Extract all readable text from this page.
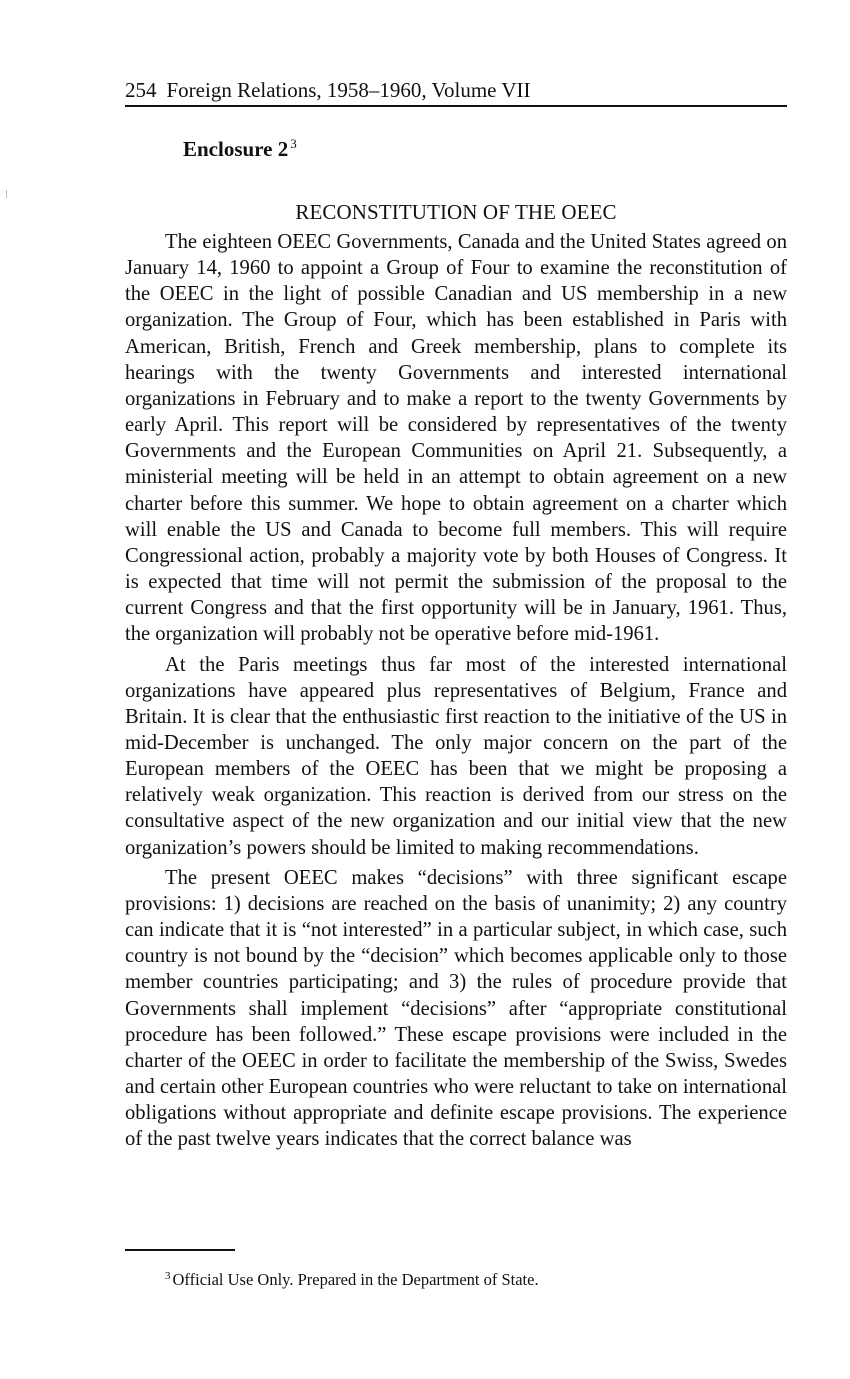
254 Foreign Relations, 1958–1960, Volume VII
Enclosure 2 $^3$
RECONSTITUTION OF THE OEEC

The eighteen OEEC Governments, Canada and the United States agreed on January 14, 1960 to appoint a Group of Four to examine the reconstitution of the OEEC in the light of possible Canadian and US membership in a new organization. The Group of Four, which has been established in Paris with American, British, French and Greek membership, plans to complete its hearings with the twenty Governments and interested international organizations in February and to make a report to the twenty Governments by early April. This report will be considered by representatives of the twenty Governments and the European Communities on April 21. Subsequently, a ministerial meeting will be held in an attempt to obtain agreement on a new charter before this summer. We hope to obtain agreement on a charter which will enable the US and Canada to become full members. This will require Congressional action, probably a majority vote by both Houses of Congress. It is expected that time will not permit the submission of the proposal to the current Congress and that the first opportunity will be in January, 1961. Thus, the organization will probably not be operative before mid-1961.

At the Paris meetings thus far most of the interested international organizations have appeared plus representatives of Belgium, France and Britain. It is clear that the enthusiastic first reaction to the initiative of the US in mid-December is unchanged. The only major concern on the part of the European members of the OEEC has been that we might be proposing a relatively weak organization. This reaction is derived from our stress on the consultative aspect of the new organization and our initial view that the new organization’s powers should be limited to making recommendations.

The present OEEC makes “decisions” with three significant escape provisions: 1) decisions are reached on the basis of unanimity; 2) any country can indicate that it is “not interested” in a particular subject, in which case, such country is not bound by the “decision” which becomes applicable only to those member countries participating; and 3) the rules of procedure provide that Governments shall implement “decisions” after “appropriate constitutional procedure has been followed.” These escape provisions were included in the charter of the OEEC in order to facilitate the membership of the Swiss, Swedes and certain other European countries who were reluctant to take on international obligations without appropriate and definite escape provisions. The experience of the past twelve years indicates that the correct balance was

$^3$ Official Use Only. Prepared in the Department of State.
